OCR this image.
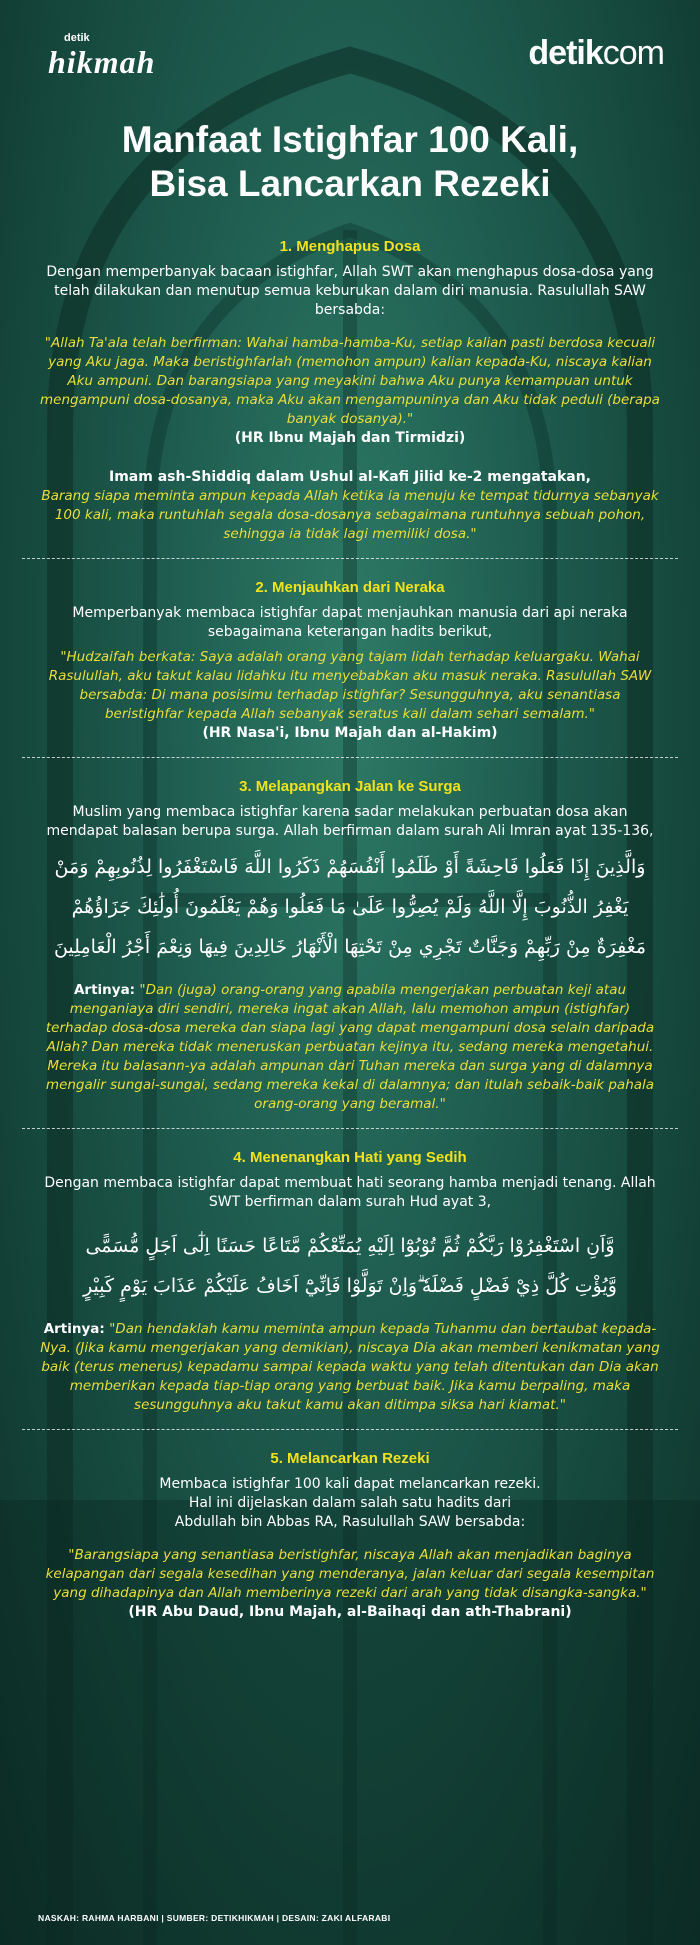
detik
hikmah	detikcom
Manfaat Istighfar 100 Kali,
Bisa Lancarkan Rezeki

1. Menghapus Dosa

Dengan memperbanyak bacaan istighfar, Allah SWT akan menghapus dosa-dosa yang telah dilakukan dan menutup semua keburukan dalam diri manusia. Rasulullah SAW bersabda:

"Allah Ta'ala telah berfirman: Wahai hamba-hamba-Ku, setiap kalian pasti berdosa kecuali yang Aku jaga. Maka beristighfarlah (memohon ampun) kalian kepada-Ku, niscaya kalian Aku ampuni. Dan barangsiapa yang meyakini bahwa Aku punya kemampuan untuk mengampuni dosa-dosanya, maka Aku akan mengampuninya dan Aku tidak peduli (berapa banyak dosanya)."

(HR Ibnu Majah dan Tirmidzi)

Imam ash-Shiddiq dalam Ushul al-Kafi Jilid ke-2 mengatakan,

Barang siapa meminta ampun kepada Allah ketika ia menuju ke tempat tidurnya sebanyak 100 kali, maka runtuhlah segala dosa-dosanya sebagaimana runtuhnya sebuah pohon, sehingga ia tidak lagi memiliki dosa."

2. Menjauhkan dari Neraka

Memperbanyak membaca istighfar dapat menjauhkan manusia dari api neraka sebagaimana keterangan hadits berikut,

"Hudzaifah berkata: Saya adalah orang yang tajam lidah terhadap keluargaku. Wahai Rasulullah, aku takut kalau lidahku itu menyebabkan aku masuk neraka. Rasulullah SAW bersabda: Di mana posisimu terhadap istighfar? Sesungguhnya, aku senantiasa beristighfar kepada Allah sebanyak seratus kali dalam sehari semalam."

(HR Nasa'i, Ibnu Majah dan al-Hakim)

3. Melapangkan Jalan ke Surga

Muslim yang membaca istighfar karena sadar melakukan perbuatan dosa akan mendapat balasan berupa surga. Allah berfirman dalam surah Ali Imran ayat 135-136,

وَالَّذِينَ إِذَا فَعَلُوا فَاحِشَةً أَوْ ظَلَمُوا أَنْفُسَهُمْ ذَكَرُوا اللَّهَ فَاسْتَغْفَرُوا لِذُنُوبِهِمْ وَمَنْ

يَغْفِرُ الذُّنُوبَ إِلَّا اللَّهُ وَلَمْ يُصِرُّوا عَلَىٰ مَا فَعَلُوا وَهُمْ يَعْلَمُونَ أُولَٰئِكَ جَزَاؤُهُمْ

مَغْفِرَةٌ مِنْ رَبِّهِمْ وَجَنَّاتٌ تَجْرِي مِنْ تَحْتِهَا الْأَنْهَارُ خَالِدِينَ فِيهَا وَنِعْمَ أَجْرُ الْعَامِلِينَ

Artinya: "Dan (juga) orang-orang yang apabila mengerjakan perbuatan keji atau menganiaya diri sendiri, mereka ingat akan Allah, lalu memohon ampun (istighfar) terhadap dosa-dosa mereka dan siapa lagi yang dapat mengampuni dosa selain daripada Allah? Dan mereka tidak meneruskan perbuatan kejinya itu, sedang mereka mengetahui. Mereka itu balasann-ya adalah ampunan dari Tuhan mereka dan surga yang di dalamnya mengalir sungai-sungai, sedang mereka kekal di dalamnya; dan itulah sebaik-baik pahala orang-orang yang beramal."

4. Menenangkan Hati yang Sedih

Dengan membaca istighfar dapat membuat hati seorang hamba menjadi tenang. Allah SWT berfirman dalam surah Hud ayat 3,

وَّاَنِ اسْتَغْفِرُوْا رَبَّكُمْ ثُمَّ تُوْبُوْٓا اِلَيْهِ يُمَتِّعْكُمْ مَّتَاعًا حَسَنًا اِلٰٓى اَجَلٍ مُّسَمًّى

وَّيُؤْتِ كُلَّ ذِيْ فَضْلٍ فَضْلَهٗ ۗوَاِنْ تَوَلَّوْا فَاِنِّيْٓ اَخَافُ عَلَيْكُمْ عَذَابَ يَوْمٍ كَبِيْرٍ

Artinya: "Dan hendaklah kamu meminta ampun kepada Tuhanmu dan bertaubat kepada-Nya. (Jika kamu mengerjakan yang demikian), niscaya Dia akan memberi kenikmatan yang baik (terus menerus) kepadamu sampai kepada waktu yang telah ditentukan dan Dia akan memberikan kepada tiap-tiap orang yang berbuat baik. Jika kamu berpaling, maka sesungguhnya aku takut kamu akan ditimpa siksa hari kiamat."

5. Melancarkan Rezeki

Membaca istighfar 100 kali dapat melancarkan rezeki.

Hal ini dijelaskan dalam salah satu hadits dari

Abdullah bin Abbas RA, Rasulullah SAW bersabda:

"Barangsiapa yang senantiasa beristighfar, niscaya Allah akan menjadikan baginya kelapangan dari segala kesedihan yang menderanya, jalan keluar dari segala kesempitan yang dihadapinya dan Allah memberinya rezeki dari arah yang tidak disangka-sangka."

(HR Abu Daud, Ibnu Majah, al-Baihaqi dan ath-Thabrani)

NASKAH: RAHMA HARBANI | SUMBER: DETIKHIKMAH | DESAIN: ZAKI ALFARABI
